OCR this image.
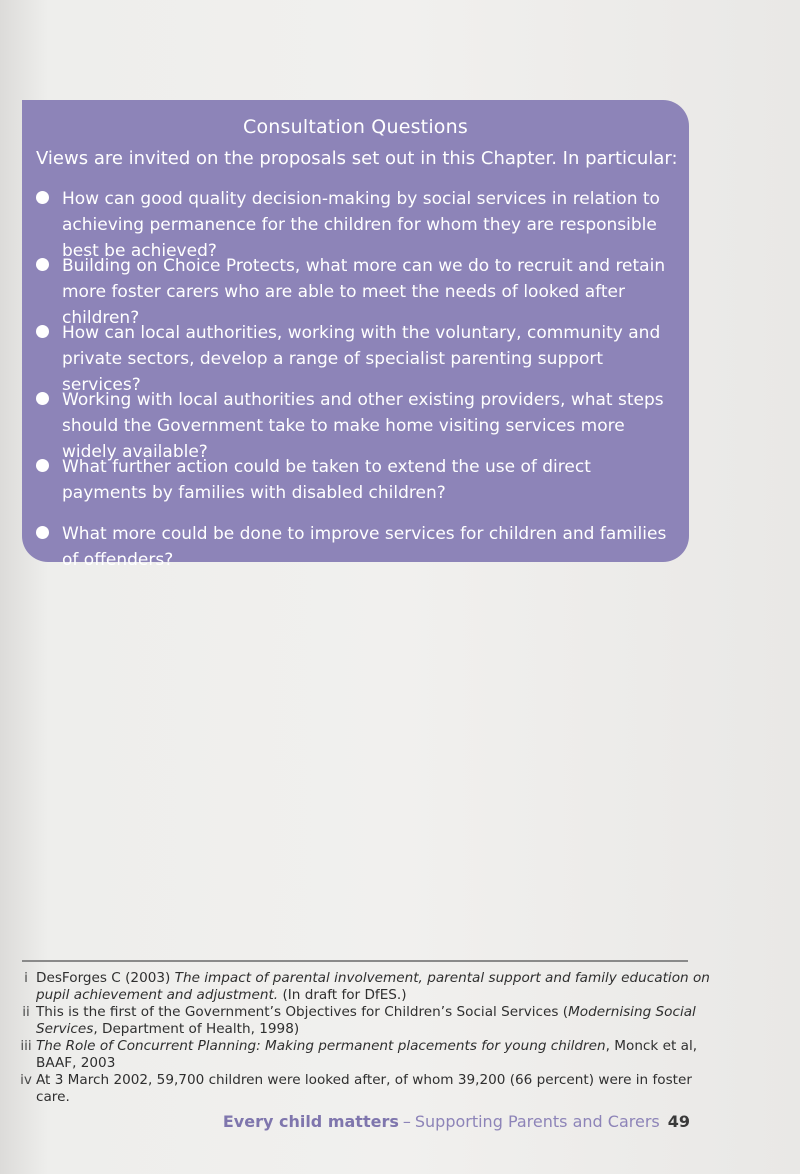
Consultation Questions
Views are invited on the proposals set out in this Chapter. In particular:
How can good quality decision-making by social services in relation to achieving permanence for the children for whom they are responsible best be achieved?
Building on Choice Protects, what more can we do to recruit and retain more foster carers who are able to meet the needs of looked after children?
How can local authorities, working with the voluntary, community and private sectors, develop a range of specialist parenting support services?
Working with local authorities and other existing providers, what steps should the Government take to make home visiting services more widely available?
What further action could be taken to extend the use of direct payments by families with disabled children?
What more could be done to improve services for children and families of offenders?
i DesForges C (2003) The impact of parental involvement, parental support and family education on pupil achievement and adjustment. (In draft for DfES.)
ii This is the first of the Government’s Objectives for Children’s Social Services (Modernising Social Services, Department of Health, 1998)
iii The Role of Concurrent Planning: Making permanent placements for young children, Monck et al, BAAF, 2003
iv At 3 March 2002, 59,700 children were looked after, of whom 39,200 (66 percent) were in foster care.
Every child matters – Supporting Parents and Carers 49
